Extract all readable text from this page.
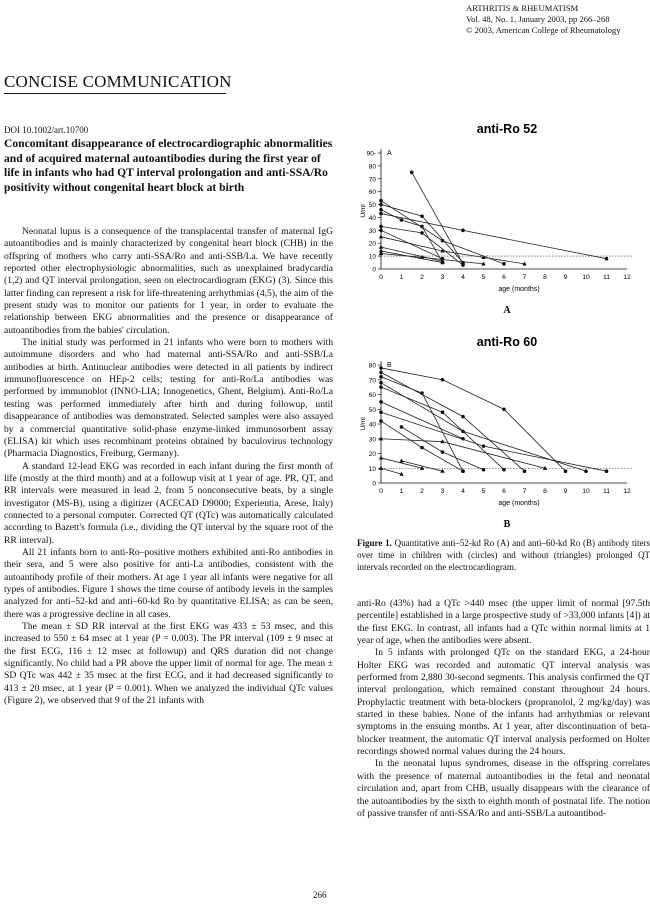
ARTHRITIS & RHEUMATISM
Vol. 48, No. 1, January 2003, pp 266–268
© 2003, American College of Rheumatology
CONCISE COMMUNICATION
DOI 10.1002/art.10700
Concomitant disappearance of electrocardiographic abnormalities and of acquired maternal autoantibodies during the first year of life in infants who had QT interval prolongation and anti-SSA/Ro positivity without congenital heart block at birth

Neonatal lupus is a consequence of the transplacental transfer of maternal IgG autoantibodies and is mainly characterized by congenital heart block (CHB) in the offspring of mothers who carry anti-SSA/Ro and anti-SSB/La. We have recently reported other electrophysiologic abnormalities, such as unexplained bradycardia (1,2) and QT interval prolongation, seen on electrocardiogram (EKG) (3). Since this latter finding can represent a risk for life-threatening arrhythmias (4,5), the aim of the present study was to monitor our patients for 1 year, in order to evaluate the relationship between EKG abnormalities and the presence or disappearance of autoantibodies from the babies' circulation.

The initial study was performed in 21 infants who were born to mothers with autoimmune disorders and who had maternal anti-SSA/Ro and anti-SSB/La antibodies at birth. Antinuclear antibodies were detected in all patients by indirect immunofluorescence on HEp-2 cells; testing for anti-Ro/La antibodies was performed by immunoblot (INNO-LIA; Innogenetics, Ghent, Belgium). Anti-Ro/La testing was performed immediately after birth and during followup, until disappearance of antibodies was demonstrated. Selected samples were also assayed by a commercial quantitative solid-phase enzyme-linked immunosorbent assay (ELISA) kit which uses recombinant proteins obtained by baculovirus technology (Pharmacia Diagnostics, Freiburg, Germany).

A standard 12-lead EKG was recorded in each infant during the first month of life (mostly at the third month) and at a followup visit at 1 year of age. PR, QT, and RR intervals were measured in lead 2, from 5 nonconsecutive beats, by a single investigator (MS-B), using a digitizer (ACECAD D9000; Experientia, Arese, Italy) connected to a personal computer. Corrected QT (QTc) was automatically calculated according to Bazett's formula (i.e., dividing the QT interval by the square root of the RR interval).

All 21 infants born to anti-Ro–positive mothers exhibited anti-Ro antibodies in their sera, and 5 were also positive for anti-La antibodies, consistent with the autoantibody profile of their mothers. At age 1 year all infants were negative for all types of antibodies. Figure 1 shows the time course of antibody levels in the samples analyzed for anti–52-kd and anti–60-kd Ro by quantitative ELISA; as can be seen, there was a progressive decline in all cases.

The mean ± SD RR interval at the first EKG was 433 ± 53 msec, and this increased to 550 ± 64 msec at 1 year (P = 0.003). The PR interval (109 ± 9 msec at the first ECG, 116 ± 12 msec at followup) and QRS duration did not change significantly. No child had a PR above the upper limit of normal for age. The mean ± SD QTc was 442 ± 35 msec at the first ECG, and it had decreased significantly to 413 ± 20 msec, at 1 year (P = 0.001). When we analyzed the individual QTc values (Figure 2), we observed that 9 of the 21 infants with

anti-Ro 52
0
10
20
30
40
50
60
70
80
90-
0 1 2 3 4 5 6 7 8 9 10 11 12
U/ml
age (months)
A
A
anti-Ro 60
0
10
20
30
40
50
60
70
80
0 1 2 3 4 5 6 7 8 9 10 11 12
U/ml
age (months)
B
B
Figure 1. Quantitative anti–52-kd Ro (A) and anti–60-kd Ro (B) antibody titers over time in children with (circles) and without (triangles) prolonged QT intervals recorded on the electrocardiogram.

anti-Ro (43%) had a QTc >440 msec (the upper limit of normal [97.5th percentile] established in a large prospective study of >33,000 infants [4]) at the first EKG. In contrast, all infants had a QTc within normal limits at 1 year of age, when the antibodies were absent.

In 5 infants with prolonged QTc on the standard EKG, a 24-hour Holter EKG was recorded and automatic QT interval analysis was performed from 2,880 30-second segments. This analysis confirmed the QT interval prolongation, which remained constant throughout 24 hours. Prophylactic treatment with beta-blockers (propranolol, 2 mg/kg/day) was started in these babies. None of the infants had arrhythmias or relevant symptoms in the ensuing months. At 1 year, after discontinuation of beta-blocker treatment, the automatic QT interval analysis performed on Holter recordings showed normal values during the 24 hours.

In the neonatal lupus syndromes, disease in the offspring correlates with the presence of maternal autoantibodies in the fetal and neonatal circulation and, apart from CHB, usually disappears with the clearance of the autoantibodies by the sixth to eighth month of postnatal life. The notion of passive transfer of anti-SSA/Ro and anti-SSB/La autoantibod-

266
